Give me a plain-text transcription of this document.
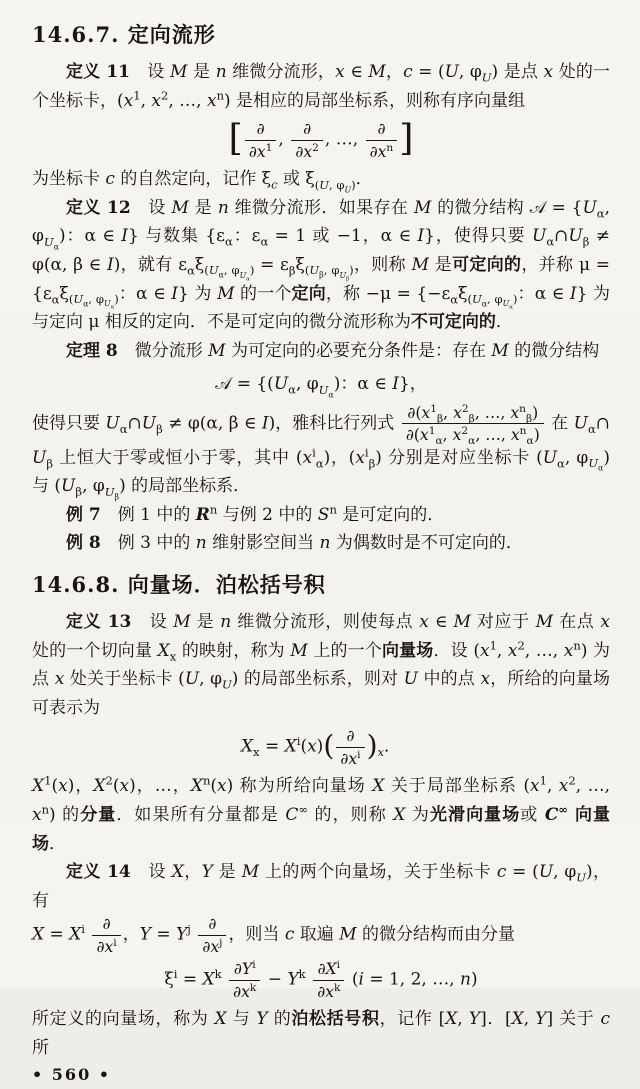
14.6.7. 定向流形

定义 11　设 M 是 n 维微分流形，x ∈ M，c = (U, $\varphi_U$) 是点 x 处的一个坐标卡，($x^1$, $x^2$, …, $x^n$) 是相应的局部坐标系，则称有序向量组

[ ∂
$\partial x^1$ ,
∂
$\partial x^2$ , …,
∂
$\partial x^n$ ]

为坐标卡 c 的自然定向，记作 $\xi_c$ 或 $\xi_{(U, \varphi_U)}$．

定义 12　设 M 是 n 维微分流形．如果存在 M 的微分结构 𝒜 = {$U_\alpha$, $\varphi_{U_\alpha}$)：α ∈ I} 与数集 {$\varepsilon_\alpha$：$\varepsilon_\alpha = 1$ 或 −1，α ∈ I}，使得只要 $U_\alpha\cap U_\beta \ne \varphi(\alpha$, β ∈ I)，就有 $\varepsilon_\alpha\xi_{(U_\alpha, \varphi_{U_\alpha})} = \varepsilon_\beta\xi_{(U_\beta, \varphi_{U_\beta})}$，则称 M 是可定向的，并称 $\mu = \{\varepsilon_\alpha\xi_{(U_\alpha, \varphi_{U_\alpha})}$：α ∈ I} 为 M 的一个定向，称 $-\mu = \{-\varepsilon_\alpha\xi_{(U_\alpha, \varphi_{U_\alpha})}$：α ∈ I} 为与定向 μ 相反的定向．不是可定向的微分流形称为不可定向的．

定理 8　微分流形 M 为可定向的必要充分条件是：存在 M 的微分结构

𝒜 = {($U_\alpha$, $\varphi_{U_\alpha}$)：α ∈ I}，

使得只要 $U_\alpha\cap U_\beta \ne \varphi(\alpha$, β ∈ I)，雅科比行列式
$\partial(x^1_\beta$, $x^2_\beta$, …, $x^n_\beta$)
$\partial(x^1_\alpha$, $x^2_\alpha$, …, $x^n_\alpha$)
在 $U_\alpha\cap$

$U_\beta$ 上恒大于零或恒小于零，其中 $(x^i_\alpha)$，$(x^i_\beta)$ 分别是对应坐标卡 ($U_\alpha$, $\varphi_{U_\alpha}$) 与 ($U_\beta$, $\varphi_{U_\beta}$) 的局部坐标系．

例 7　例 1 中的 $R^n$ 与例 2 中的 $S^n$ 是可定向的．

例 8　例 3 中的 n 维射影空间当 n 为偶数时是不可定向的．

14.6.8. 向量场．泊松括号积

定义 13　设 M 是 n 维微分流形，则使每点 x ∈ M 对应于 M 在点 x 处的一个切向量 $X_x$ 的映射，称为 M 上的一个向量场．设 ($x^1$, $x^2$, …, $x^n$) 为点 x 处关于坐标卡 (U, $\varphi_U$) 的局部坐标系，则对 U 中的点 x，所给的向量场可表示为

$X_x = X^i(x)$( ∂
$\partial x^i$ )$_x$．

$X^1(x)$，$X^2(x)$，…，$X^n(x)$ 称为所给向量场 X 关于局部坐标系 ($x^1$, $x^2$, …, $x^n$) 的分量．如果所有分量都是 C∞ 的，则称 X 为光滑向量场或 C∞ 向量场．

定义 14　设 X，Y 是 M 上的两个向量场，关于坐标卡 c = (U, $\varphi_U$)，有

$X = X^i$	∂
$\partial x^i$ ，$Y = Y^j$	∂
$\partial x^j$ ，则当 c 取遍 M 的微分结构而由分量

$\xi^i = X^k \frac{\partial Y^i}{\partial x^k} - Y^k \frac{\partial X^i}{\partial x^k} (i = 1$, 2, …, n)

所定义的向量场，称为 X 与 Y 的泊松括号积，记作 [X, Y]．[X, Y] 关于 c 所

• 560 •
